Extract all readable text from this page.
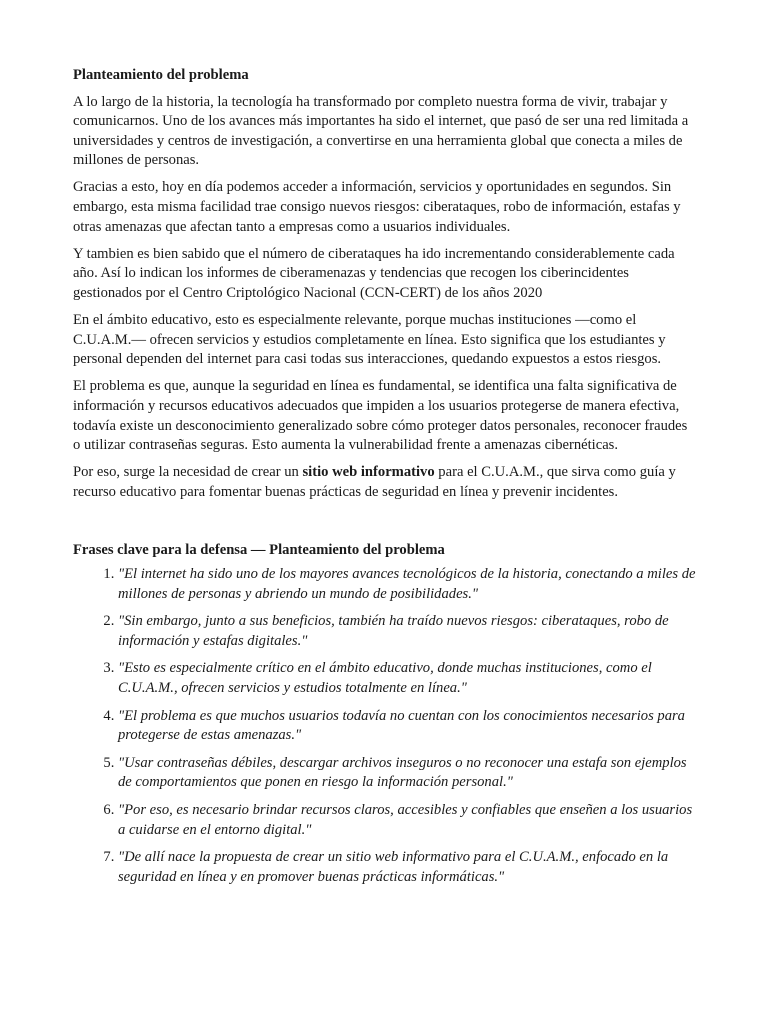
Planteamiento del problema

A lo largo de la historia, la tecnología ha transformado por completo nuestra forma de vivir, trabajar y comunicarnos. Uno de los avances más importantes ha sido el internet, que pasó de ser una red limitada a universidades y centros de investigación, a convertirse en una herramienta global que conecta a miles de millones de personas.

Gracias a esto, hoy en día podemos acceder a información, servicios y oportunidades en segundos. Sin embargo, esta misma facilidad trae consigo nuevos riesgos: ciberataques, robo de información, estafas y otras amenazas que afectan tanto a empresas como a usuarios individuales.

Y tambien es bien sabido que el número de ciberataques ha ido incrementando considerablemente cada año. Así lo indican los informes de ciberamenazas y tendencias que recogen los ciberincidentes gestionados por el Centro Criptológico Nacional (CCN-CERT) de los años 2020

En el ámbito educativo, esto es especialmente relevante, porque muchas instituciones —como el C.U.A.M.— ofrecen servicios y estudios completamente en línea. Esto significa que los estudiantes y personal dependen del internet para casi todas sus interacciones, quedando expuestos a estos riesgos.

El problema es que, aunque la seguridad en línea es fundamental, se identifica una falta significativa de información y recursos educativos adecuados que impiden a los usuarios protegerse de manera efectiva, todavía existe un desconocimiento generalizado sobre cómo proteger datos personales, reconocer fraudes o utilizar contraseñas seguras. Esto aumenta la vulnerabilidad frente a amenazas cibernéticas.

Por eso, surge la necesidad de crear un sitio web informativo para el C.U.A.M., que sirva como guía y recurso educativo para fomentar buenas prácticas de seguridad en línea y prevenir incidentes.

Frases clave para la defensa — Planteamiento del problema
1. "El internet ha sido uno de los mayores avances tecnológicos de la historia, conectando a miles de millones de personas y abriendo un mundo de posibilidades."
2. "Sin embargo, junto a sus beneficios, también ha traído nuevos riesgos: ciberataques, robo de información y estafas digitales."
3. "Esto es especialmente crítico en el ámbito educativo, donde muchas instituciones, como el C.U.A.M., ofrecen servicios y estudios totalmente en línea."
4. "El problema es que muchos usuarios todavía no cuentan con los conocimientos necesarios para protegerse de estas amenazas."
5. "Usar contraseñas débiles, descargar archivos inseguros o no reconocer una estafa son ejemplos de comportamientos que ponen en riesgo la información personal."
6. "Por eso, es necesario brindar recursos claros, accesibles y confiables que enseñen a los usuarios a cuidarse en el entorno digital."
7. "De allí nace la propuesta de crear un sitio web informativo para el C.U.A.M., enfocado en la seguridad en línea y en promover buenas prácticas informáticas."
